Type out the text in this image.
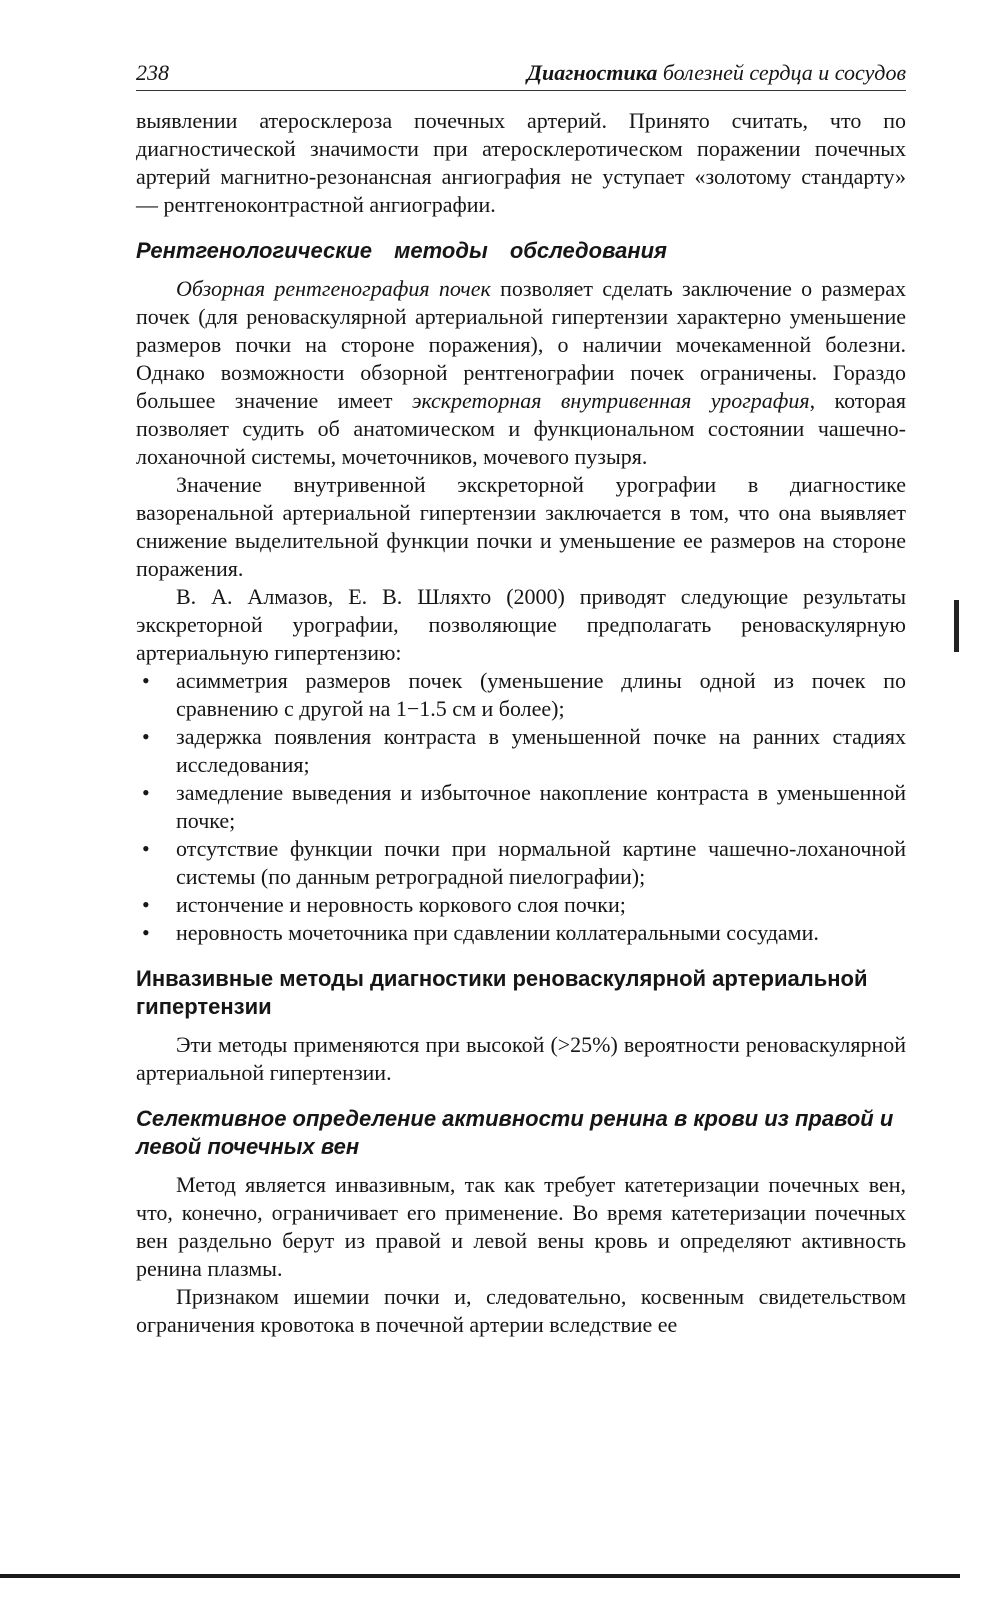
238	Диагностика болезней сердца и сосудов

выявлении атеросклероза почечных артерий. Принято считать, что по диагностической значимости при атеросклеротическом поражении почечных артерий магнитно-резонансная ангиография не уступает «золотому стандарту» — рентгеноконтрастной ангиографии.

Рентгенологические методы обследования

Обзорная рентгенография почек позволяет сделать заключение о размерах почек (для реноваскулярной артериальной гипертензии характерно уменьшение размеров почки на стороне поражения), о наличии мочекаменной болезни. Однако возможности обзорной рентгенографии почек ограничены. Гораздо большее значение имеет экскреторная внутривенная урография, которая позволяет судить об анатомическом и функциональном состоянии чашечно-лоханочной системы, мочеточников, мочевого пузыря.

Значение внутривенной экскреторной урографии в диагностике вазоренальной артериальной гипертензии заключается в том, что она выявляет снижение выделительной функции почки и уменьшение ее размеров на стороне поражения.

В. А. Алмазов, Е. В. Шляхто (2000) приводят следующие результаты экскреторной урографии, позволяющие предполагать реноваскулярную артериальную гипертензию:

• асимметрия размеров почек (уменьшение длины одной из почек по сравнению с другой на 1−1.5 см и более);
• задержка появления контраста в уменьшенной почке на ранних стадиях исследования;
• замедление выведения и избыточное накопление контраста в уменьшенной почке;
• отсутствие функции почки при нормальной картине чашечно-лоханочной системы (по данным ретроградной пиелографии);
• истончение и неровность коркового слоя почки;
• неровность мочеточника при сдавлении коллатеральными сосудами.
Инвазивные методы диагностики реноваскулярной артериальной гипертензии

Эти методы применяются при высокой (>25%) вероятности реноваскулярной артериальной гипертензии.

Селективное определение активности ренина в крови из правой и левой почечных вен

Метод является инвазивным, так как требует катетеризации почечных вен, что, конечно, ограничивает его применение. Во время катетеризации почечных вен раздельно берут из правой и левой вены кровь и определяют активность ренина плазмы.

Признаком ишемии почки и, следовательно, косвенным свидетельством ограничения кровотока в почечной артерии вследствие ее
